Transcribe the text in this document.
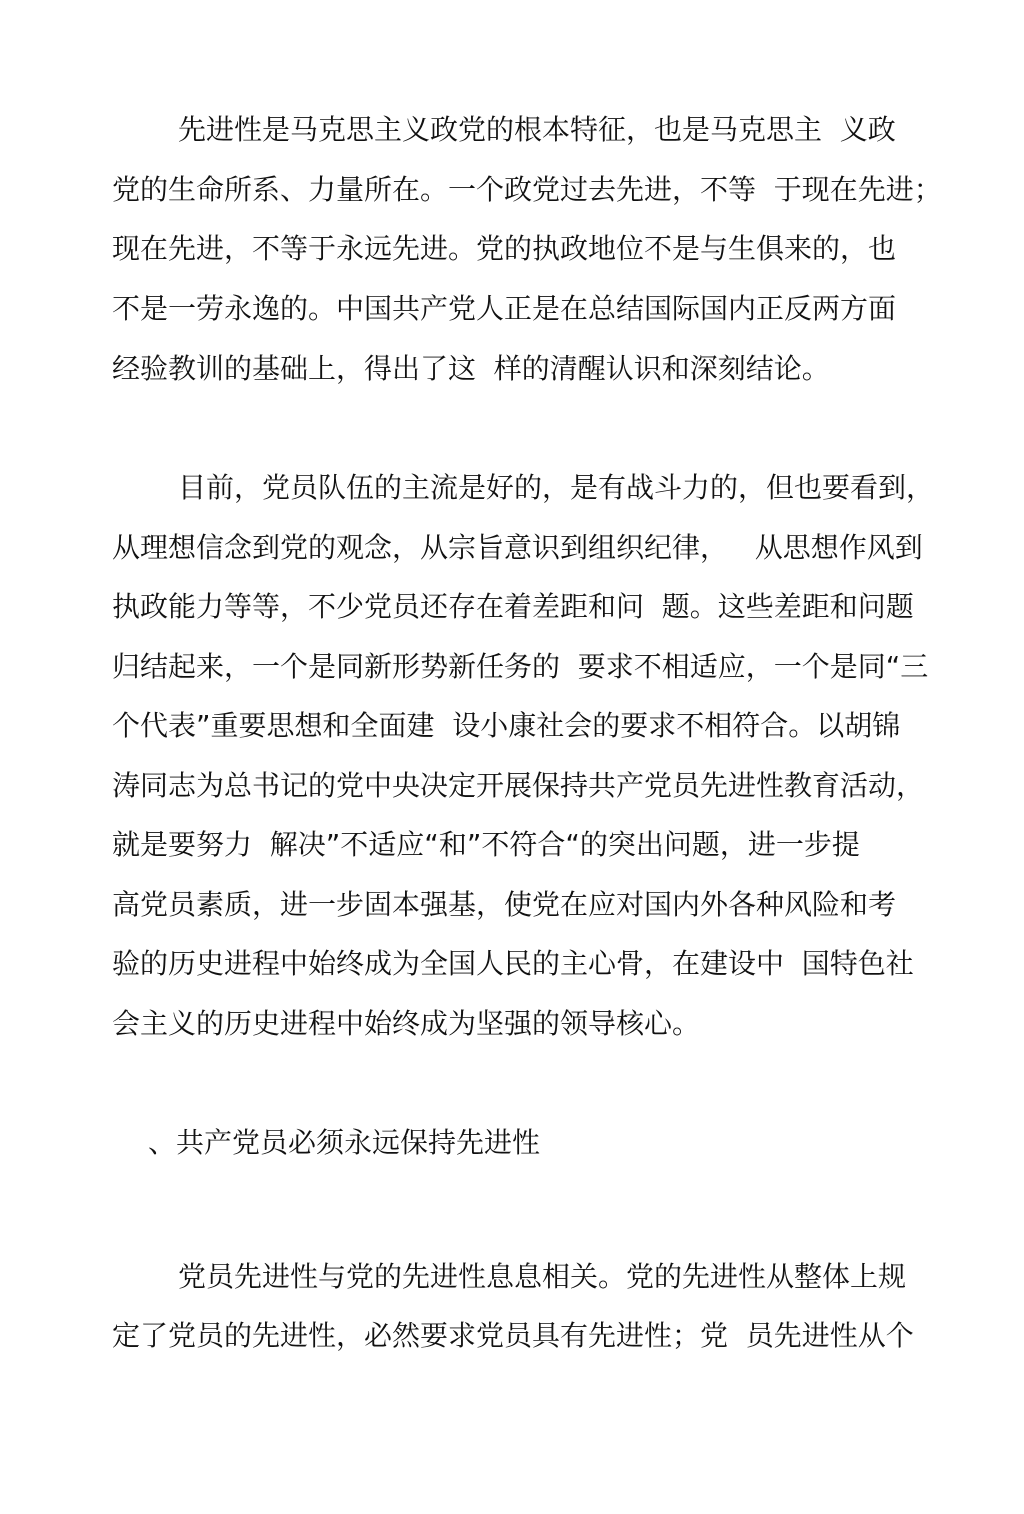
先进性是马克思主义政党的根本特征，也是马克思主  义政

党的生命所系、力量所在。一个政党过去先进，不等  于现在先进；

现在先进，不等于永远先进。党的执政地位不是与生俱来的，也

不是一劳永逸的。中国共产党人正是在总结国际国内正反两方面

经验教训的基础上，得出了这  样的清醒认识和深刻结论。

目前，党员队伍的主流是好的，是有战斗力的，但也要看到，

从理想信念到党的观念，从宗旨意识到组织纪律，   从思想作风到

执政能力等等，不少党员还存在着差距和问  题。这些差距和问题

归结起来，一个是同新形势新任务的  要求不相适应，一个是同“三

个代表”重要思想和全面建  设小康社会的要求不相符合。以胡锦

涛同志为总书记的党中央决定开展保持共产党员先进性教育活动，

就是要努力  解决”不适应“和”不符合“的突出问题，进一步提

高党员素质，进一步固本强基，使党在应对国内外各种风险和考

验的历史进程中始终成为全国人民的主心骨，在建设中  国特色社

会主义的历史进程中始终成为坚强的领导核心。

、共产党员必须永远保持先进性

党员先进性与党的先进性息息相关。党的先进性从整体上规

定了党员的先进性，必然要求党员具有先进性；党  员先进性从个
